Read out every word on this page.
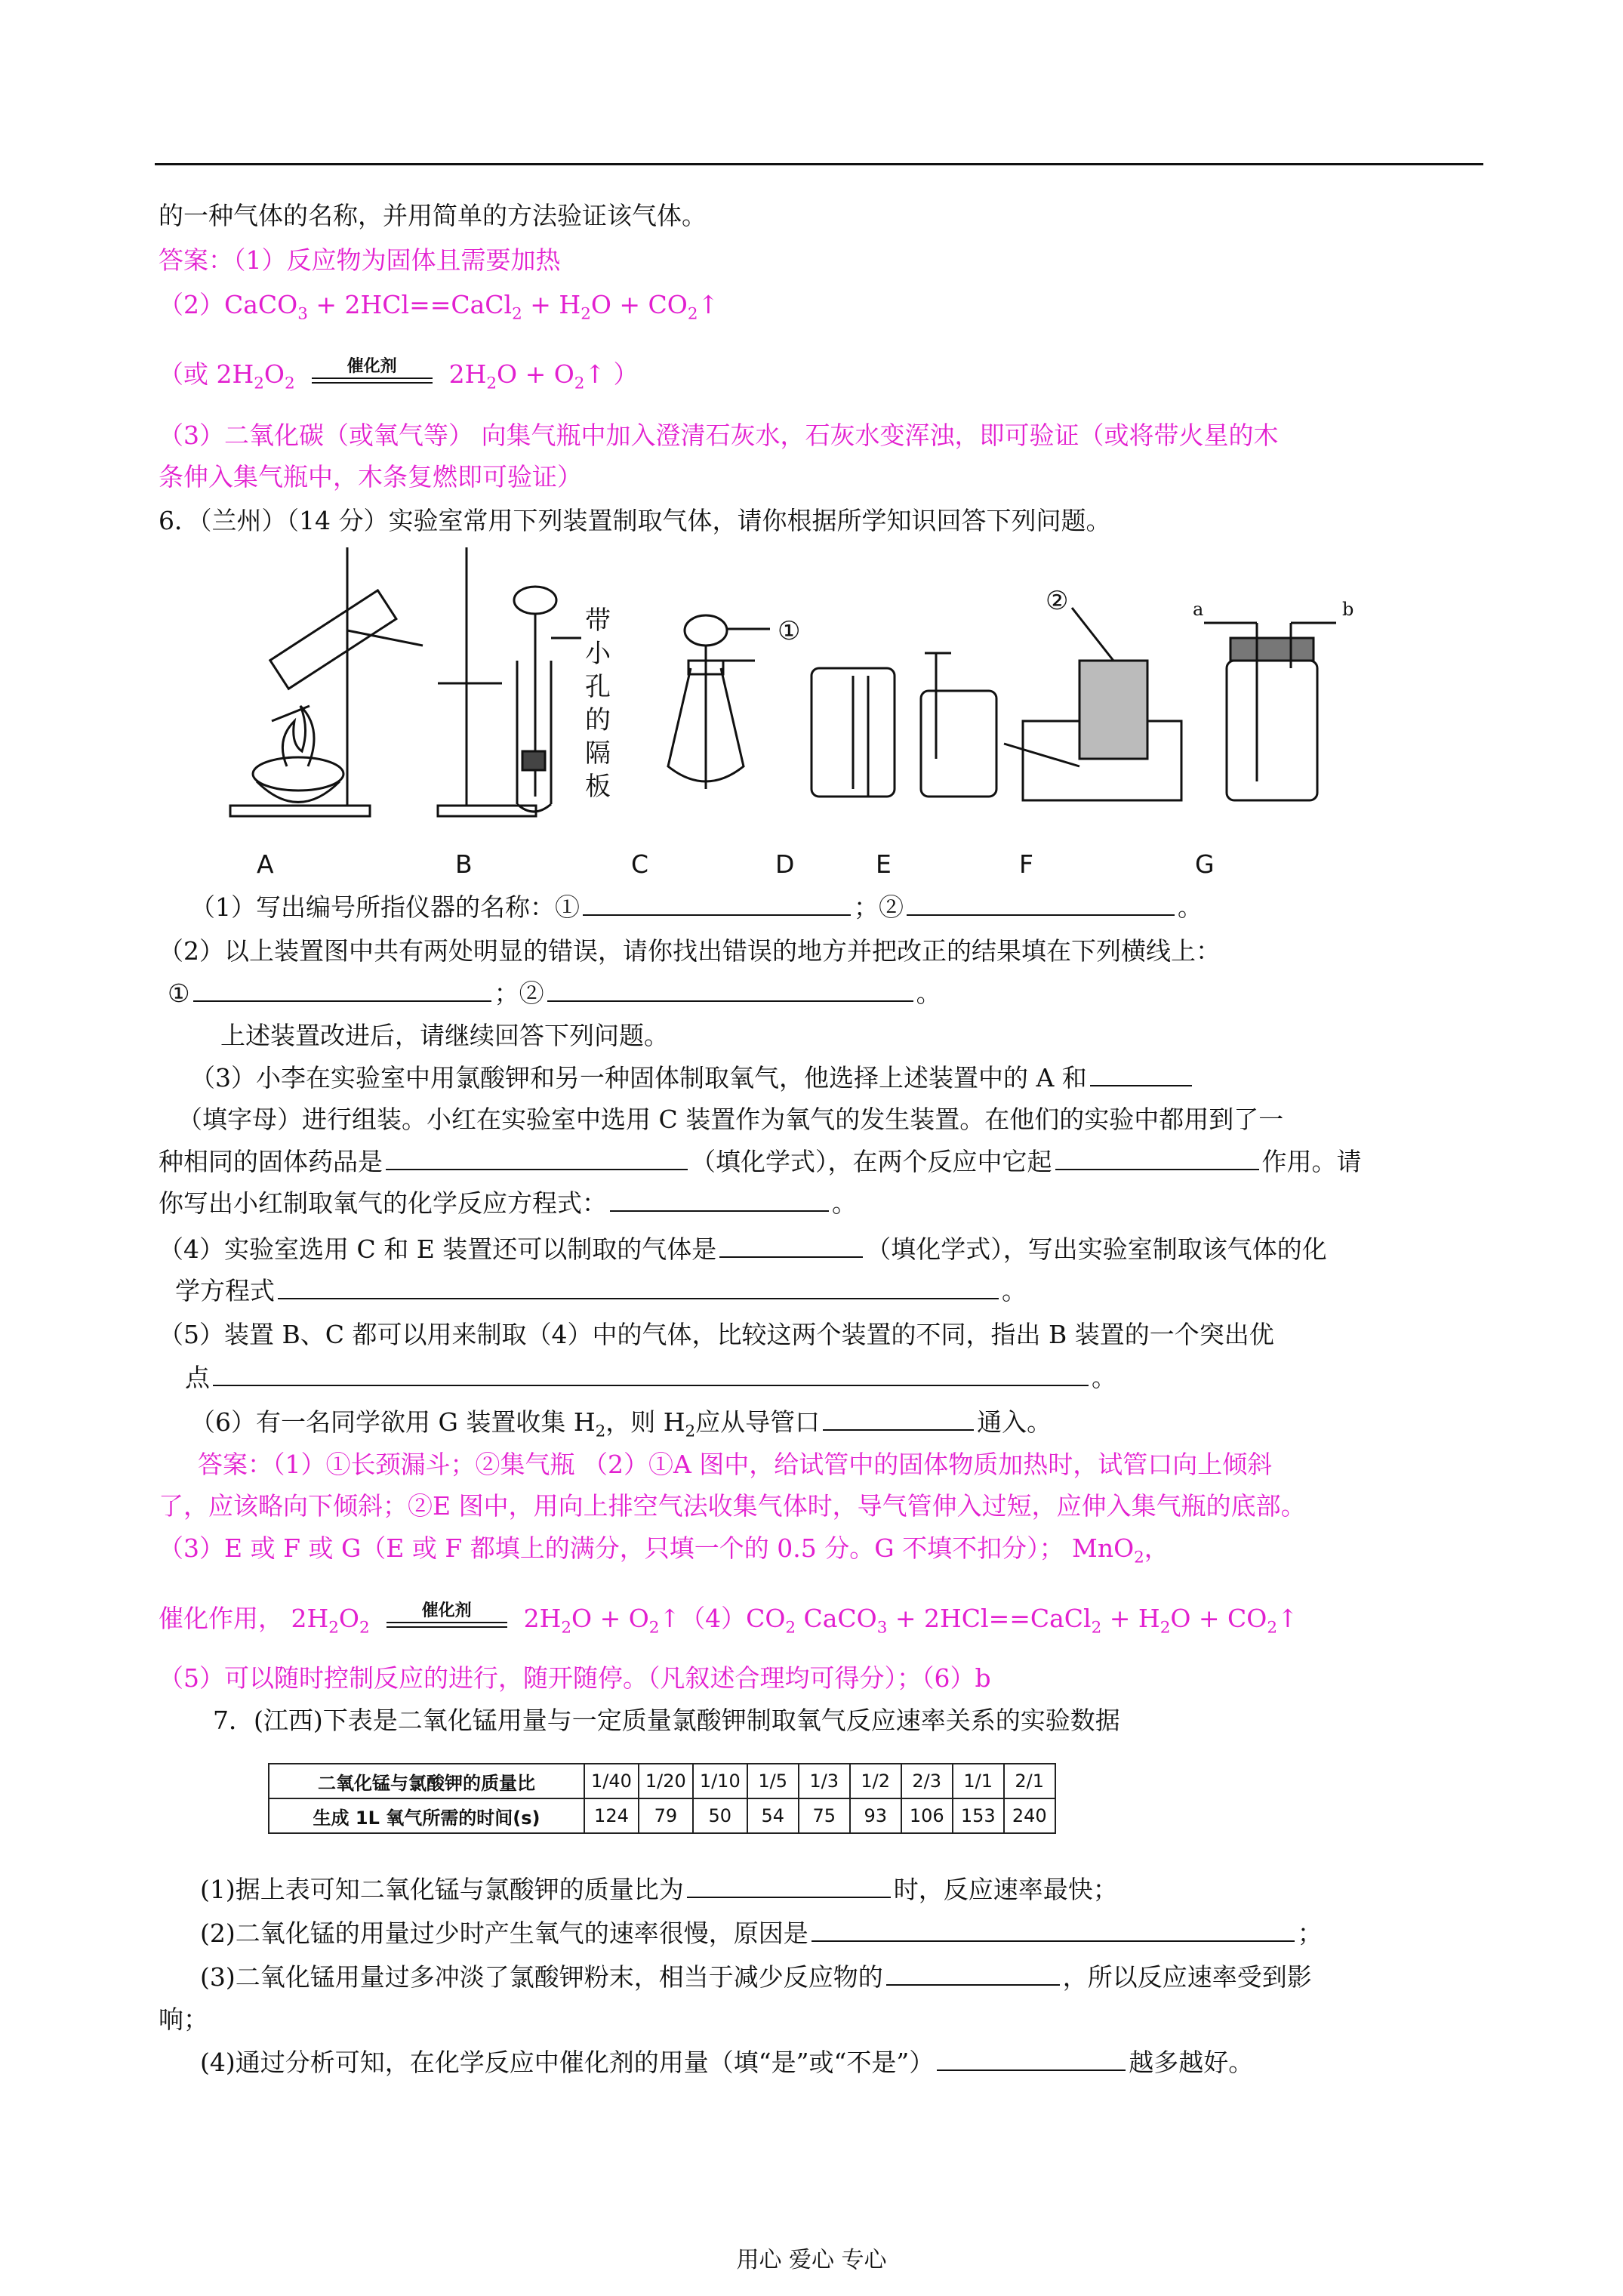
的一种气体的名称，并用简单的方法验证该气体。
答案：（1）反应物为固体且需要加热
（2）CaCO$_3$ + 2HCl==CaCl$_2$ + $H_2O$ + $CO_2↑$
（或 $2H_2O_2$
催化剂	$2H_2O$ + $O_2↑$ ）
（3）二氧化碳（或氧气等） 向集气瓶中加入澄清石灰水，石灰水变浑浊，即可验证（或将带火星的木
条伸入集气瓶中，木条复燃即可验证）
6．（兰州）（14 分）实验室常用下列装置制取气体，请你根据所学知识回答下列问题。
①
②	a	b
带小孔的隔板
A	B	C	D	E	F	G
（1）写出编号所指仪器的名称：①	；②	。
（2）以上装置图中共有两处明显的错误，请你找出错误的地方并把改正的结果填在下列横线上：
①	；②	。
上述装置改进后，请继续回答下列问题。
（3）小李在实验室中用氯酸钾和另一种固体制取氧气，他选择上述装置中的 A 和
（填字母）进行组装。小红在实验室中选用 C 装置作为氧气的发生装置。在他们的实验中都用到了一
种相同的固体药品是	（填化学式），在两个反应中它起	作用。请
你写出小红制取氧气的化学反应方程式：	。
（4）实验室选用 C 和 E 装置还可以制取的气体是	（填化学式），写出实验室制取该气体的化
学方程式	。
（5）装置 B、C 都可以用来制取（4）中的气体，比较这两个装置的不同，指出 B 装置的一个突出优
点	。
（6）有一名同学欲用 G 装置收集 $H_2$，则 $H_2$应从导管口	通入。
答案：（1）①长颈漏斗；②集气瓶 （2）①A 图中，给试管中的固体物质加热时，试管口向上倾斜
了，应该略向下倾斜；②E 图中，用向上排空气法收集气体时，导气管伸入过短，应伸入集气瓶的底部。
（3）E 或 F 或 G（E 或 F 都填上的满分，只填一个的 0.5 分。G 不填不扣分）； MnO$_2$，
催化作用， $2H_2O_2$
催化剂	$2H_2O$ + $O_2↑(4)CO_2$ CaCO$_3$ + 2HCl==CaCl$_2$ + $H_2O$ + $CO_2↑$
（5）可以随时控制反应的进行，随开随停。（凡叙述合理均可得分）；（6）b
7．(江西)下表是二氧化锰用量与一定质量氯酸钾制取氧气反应速率关系的实验数据
二氧化锰与氯酸钾的质量比	1/40	1/20	1/10	1/5	1/3	1/2	2/3	1/1	2/1
生成 1L 氧气所需的时间(s)	124	79	50	54	75	93	106	153	240
(1)据上表可知二氧化锰与氯酸钾的质量比为	时，反应速率最快；
(2)二氧化锰的用量过少时产生氧气的速率很慢，原因是	；
(3)二氧化锰用量过多冲淡了氯酸钾粉末，相当于减少反应物的	，所以反应速率受到影
响；
(4)通过分析可知，在化学反应中催化剂的用量（填“是”或“不是”）	越多越好。
用心 爱心 专心
